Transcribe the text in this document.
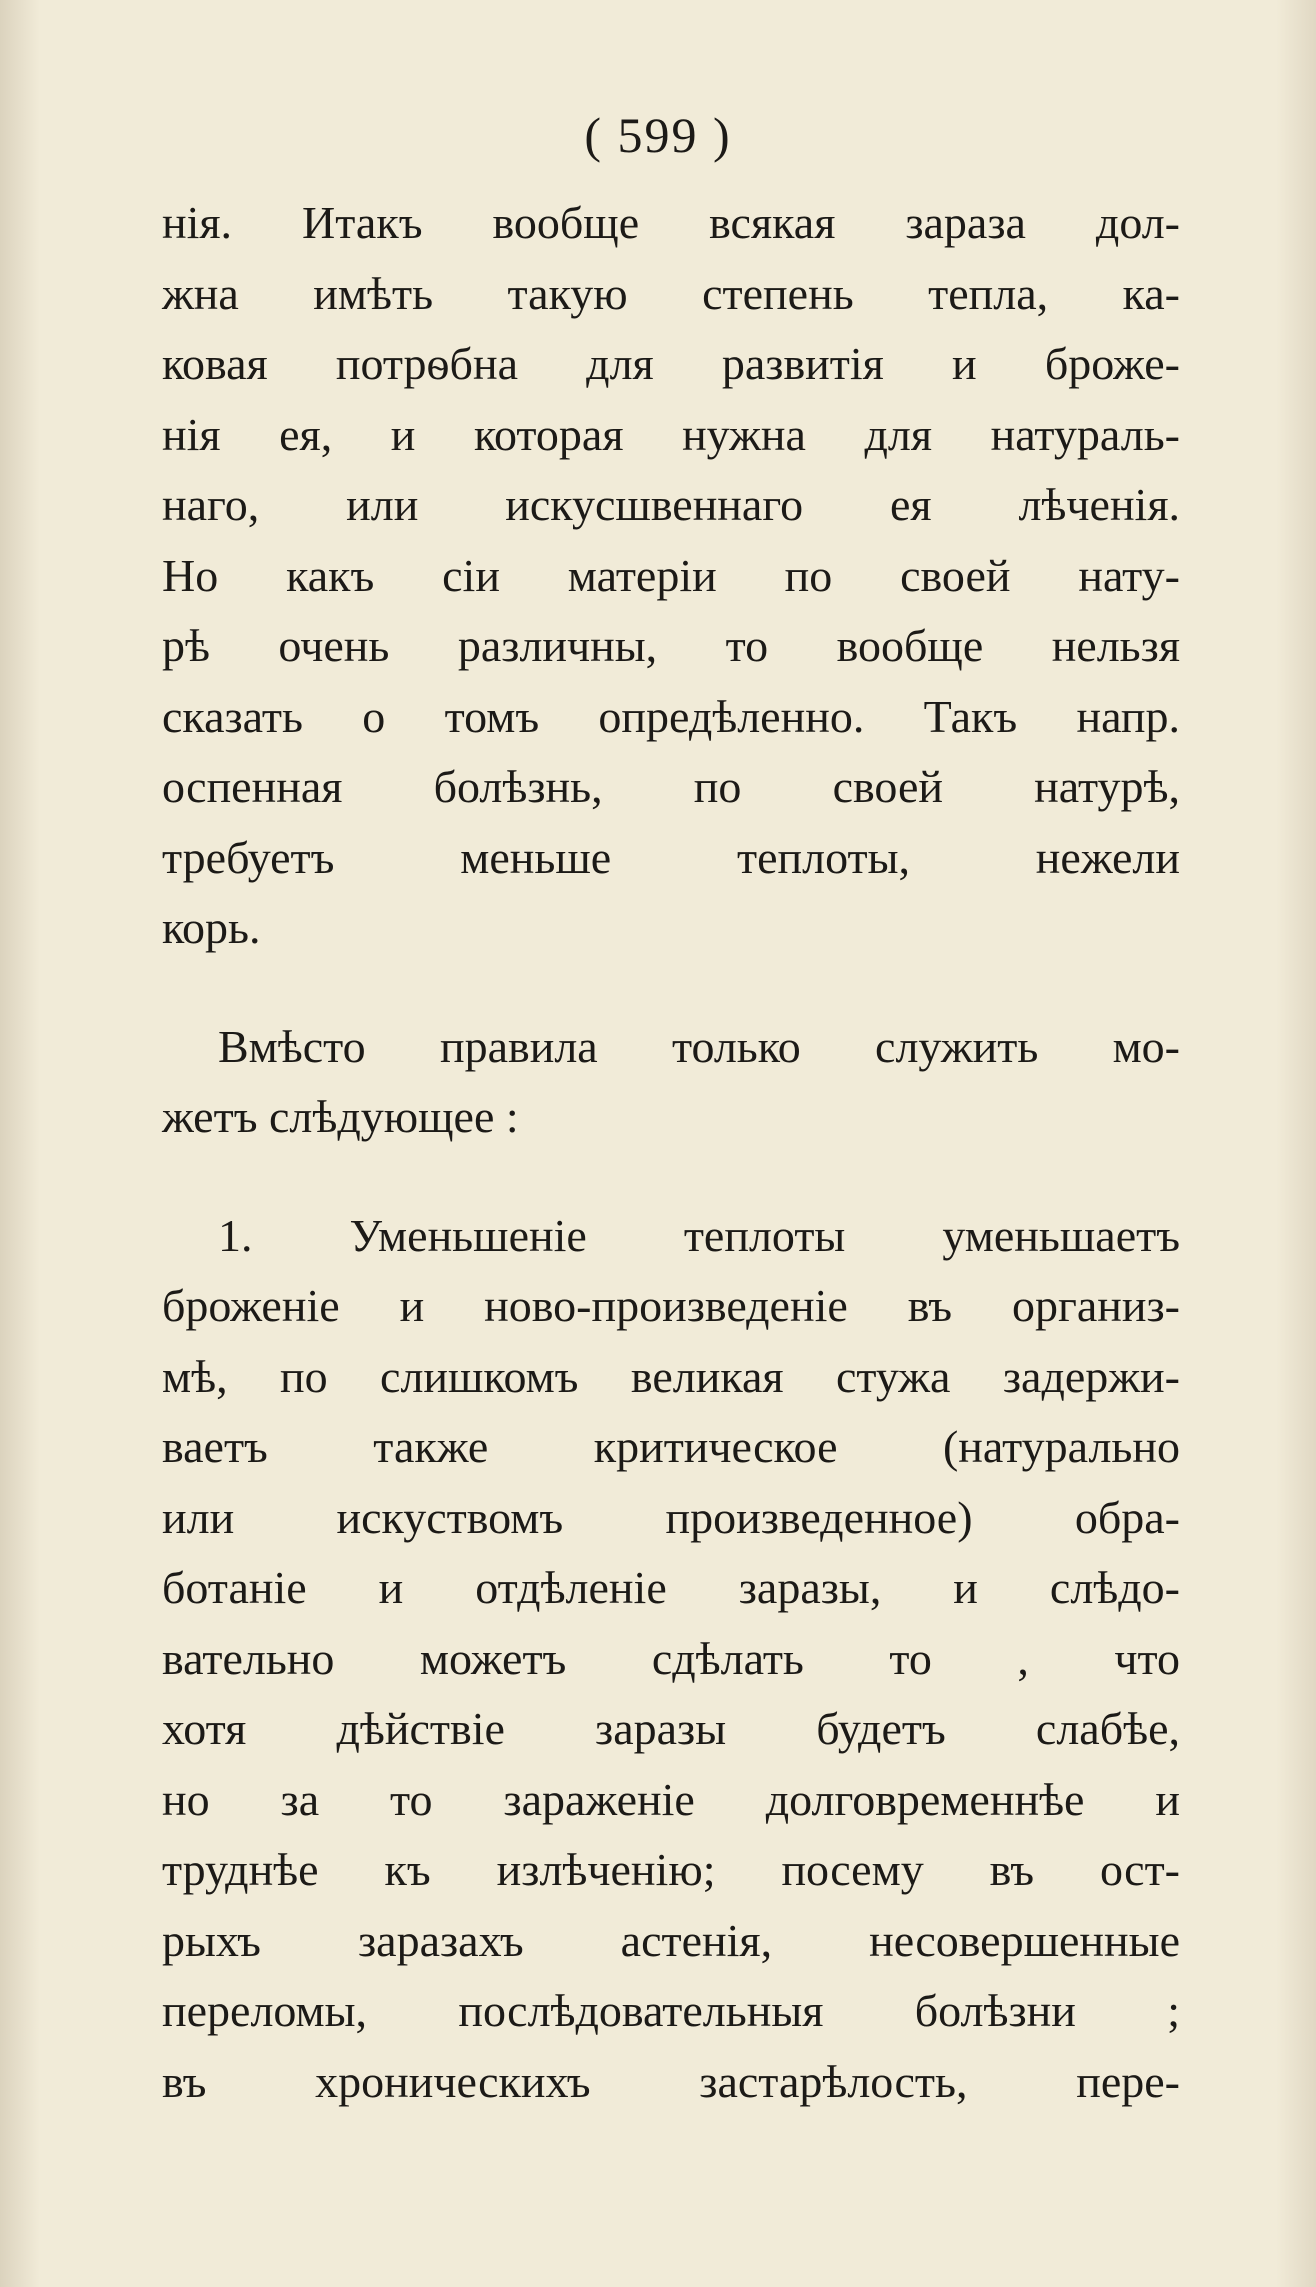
( 599 )
нія. Итакъ вообще всякая зараза дол-
жна имѣть такую степень тепла, ка-
ковая потрѳбна для развитія и броже-
нія ея, и которая нужна для натураль-
наго, или искусшвеннаго ея лѣченія.
Но какъ сіи матеріи по своей нату-
рѣ очень различны, то вообще нельзя
сказать о томъ опредѣленно. Такъ напр.
оспенная болѣзнь, по своей натурѣ,
требуетъ меньше теплоты, нежели
корь.
Вмѣсто правила только служить мо-
жетъ слѣдующее :
1. Уменьшеніе теплоты уменьшаетъ
броженіе и ново-произведеніе въ организ-
мѣ, по слишкомъ великая стужа задержи-
ваетъ также критическое (натурально
или искуствомъ произведенное) обра-
ботаніе и отдѣленіе заразы, и слѣдо-
вательно можетъ сдѣлать то , что
хотя дѣйствіе заразы будетъ слабѣе,
но за то зараженіе долговременнѣе и
труднѣе къ излѣченію; посему въ ост-
рыхъ заразахъ астенія, несовершенные
переломы, послѣдовательныя болѣзни ;
въ хроническихъ застарѣлость, пере-
